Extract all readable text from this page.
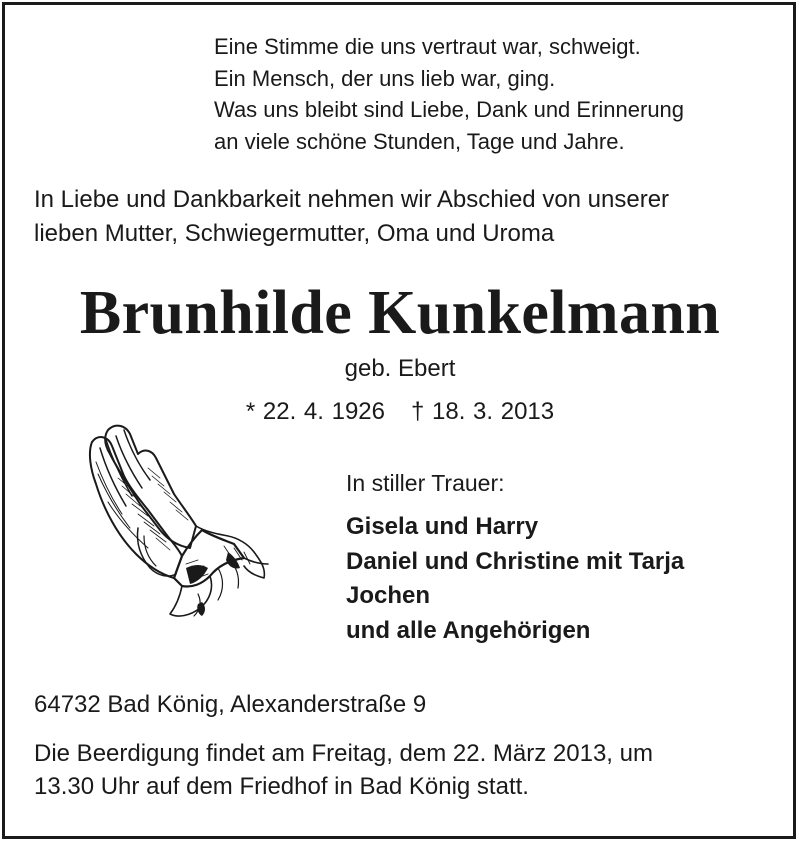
Eine Stimme die uns vertraut war, schweigt.
Ein Mensch, der uns lieb war, ging.
Was uns bleibt sind Liebe, Dank und Erinnerung
an viele schöne Stunden, Tage und Jahre.
In Liebe und Dankbarkeit nehmen wir Abschied von unserer
lieben Mutter, Schwiegermutter, Oma und Uroma
Brunhilde Kunkelmann
geb. Ebert
* 22. 4. 1926 † 18. 3. 2013
In stiller Trauer:
Gisela und Harry
Daniel und Christine mit Tarja
Jochen
und alle Angehörigen
64732 Bad König, Alexanderstraße 9
Die Beerdigung findet am Freitag, dem 22. März 2013, um
13.30 Uhr auf dem Friedhof in Bad König statt.
